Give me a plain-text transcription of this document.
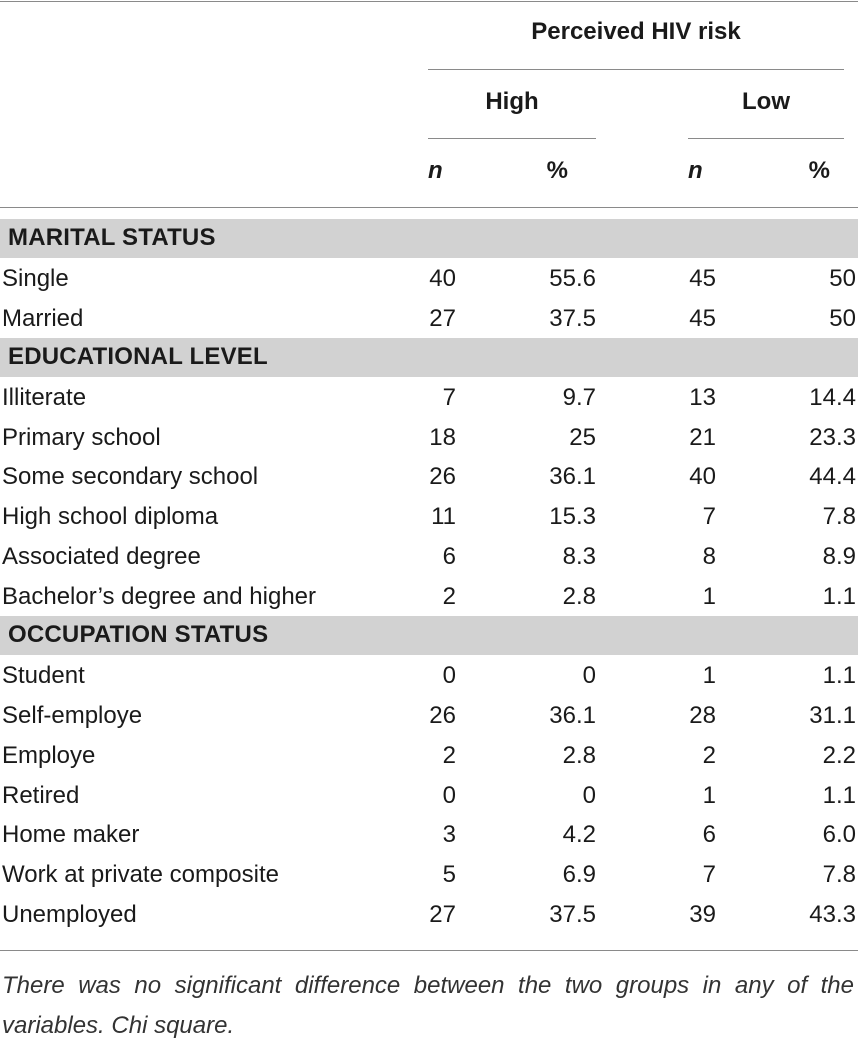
Perceived HIV risk
High	Low
n	%	n	%
MARITAL STATUS
Single	40	55.6	45	50
Married	27	37.5	45	50
EDUCATIONAL LEVEL
Illiterate	7	9.7	13	14.4
Primary school	18	25	21	23.3
Some secondary school	26	36.1	40	44.4
High school diploma	11	15.3	7	7.8
Associated degree	6	8.3	8	8.9
Bachelor’s degree and higher	2	2.8	1	1.1
OCCUPATION STATUS
Student	0	0	1	1.1
Self-employe	26	36.1	28	31.1
Employe	2	2.8	2	2.2
Retired	0	0	1	1.1
Home maker	3	4.2	6	6.0
Work at private composite	5	6.9	7	7.8
Unemployed	27	37.5	39	43.3
There was no significant difference between the two groups in any of the variables. Chi square.
